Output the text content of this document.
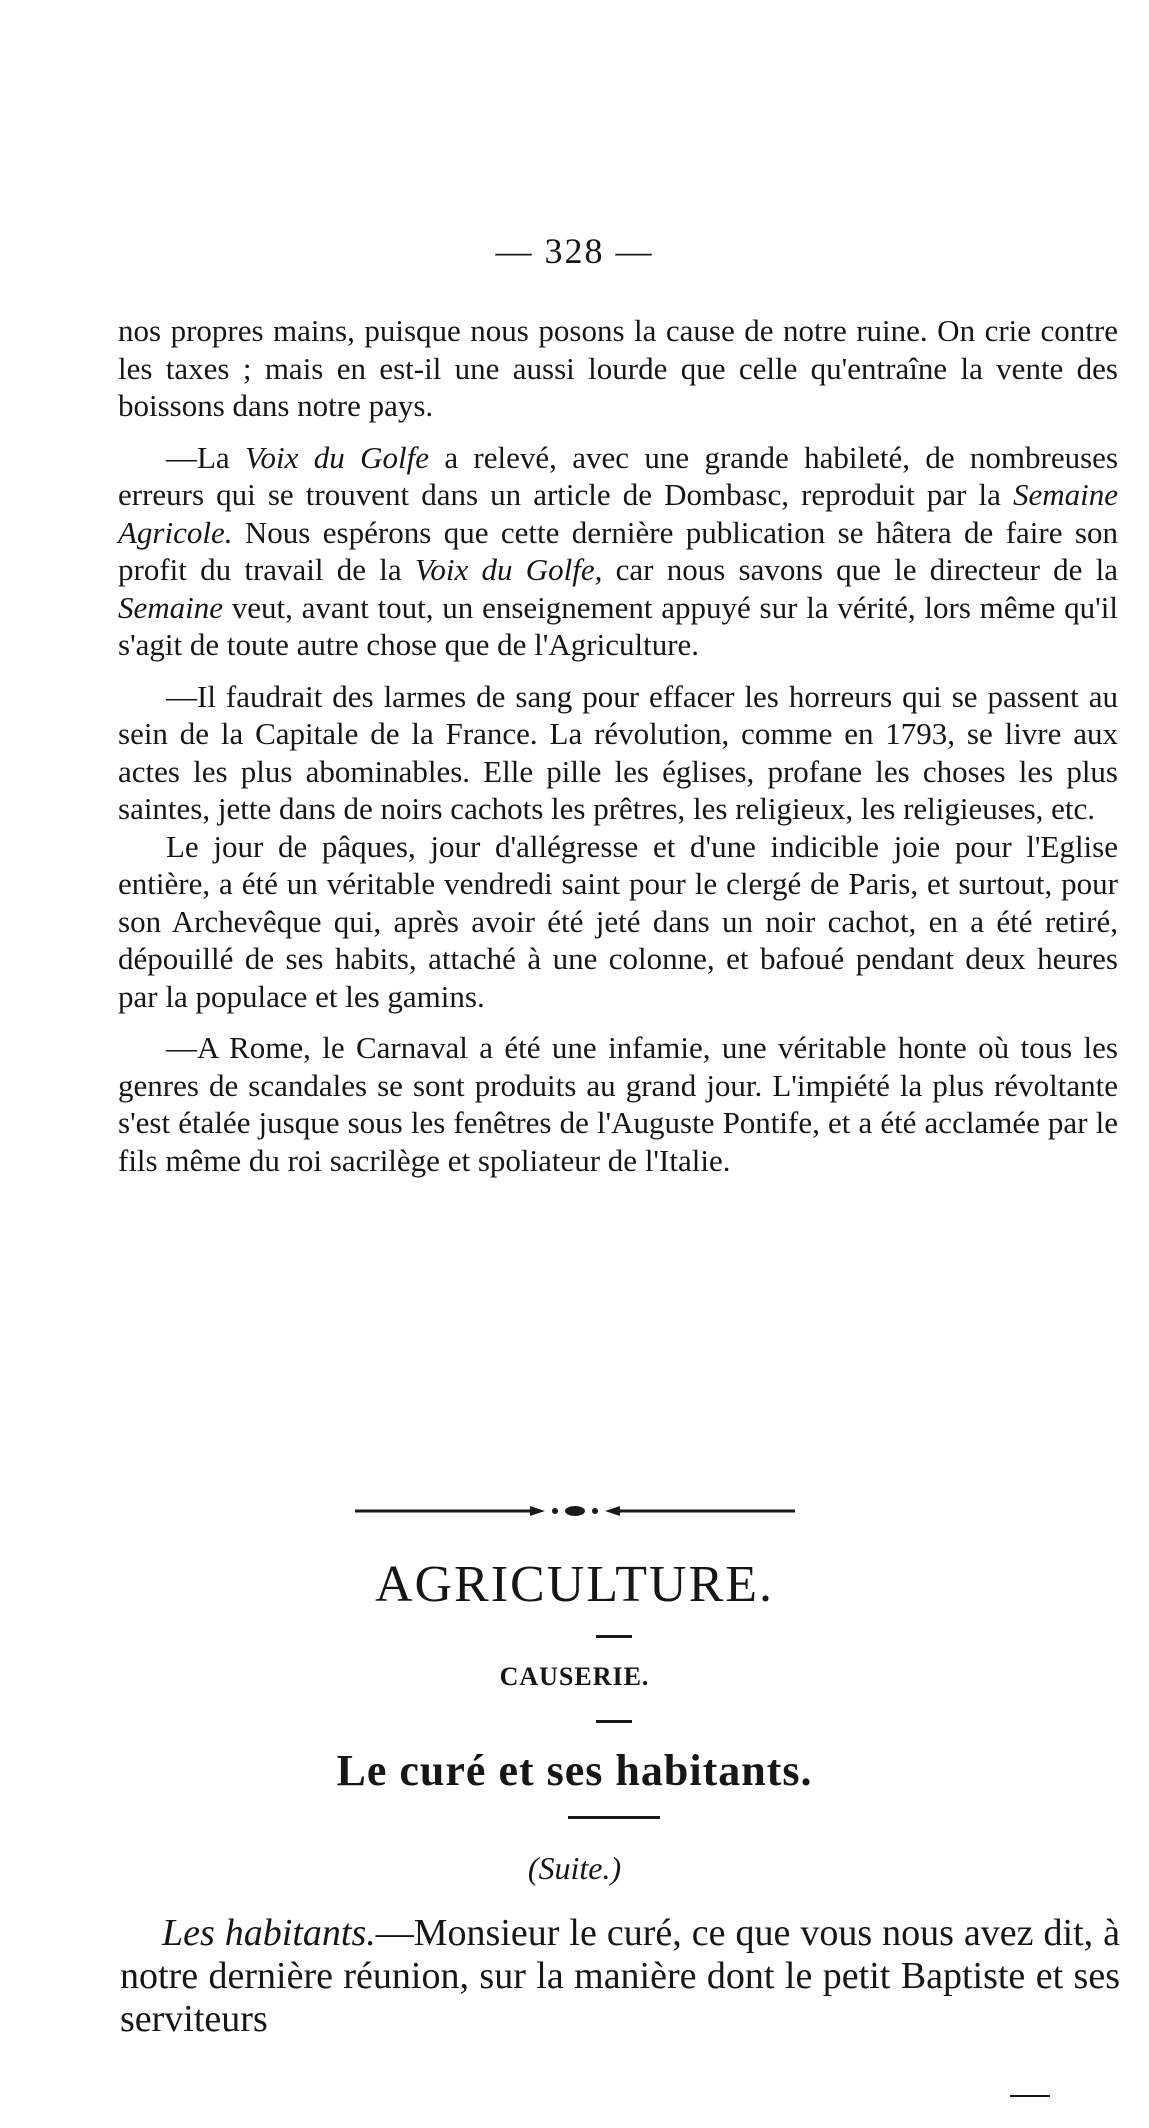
— 328 —

nos propres mains, puisque nous posons la cause de notre ruine. On crie contre les taxes ; mais en est-il une aussi lourde que celle qu'entraîne la vente des boissons dans notre pays.

—La Voix du Golfe a relevé, avec une grande habileté, de nombreuses erreurs qui se trouvent dans un article de Dombasc, reproduit par la Semaine Agricole. Nous espérons que cette dernière publication se hâtera de faire son profit du travail de la Voix du Golfe, car nous savons que le directeur de la Semaine veut, avant tout, un enseignement appuyé sur la vérité, lors même qu'il s'agit de toute autre chose que de l'Agriculture.

—Il faudrait des larmes de sang pour effacer les horreurs qui se passent au sein de la Capitale de la France. La révolution, comme en 1793, se livre aux actes les plus abominables. Elle pille les églises, profane les choses les plus saintes, jette dans de noirs cachots les prêtres, les religieux, les religieuses, etc.

Le jour de pâques, jour d'allégresse et d'une indicible joie pour l'Eglise entière, a été un véritable vendredi saint pour le clergé de Paris, et surtout, pour son Archevêque qui, après avoir été jeté dans un noir cachot, en a été retiré, dépouillé de ses habits, attaché à une colonne, et bafoué pendant deux heures par la populace et les gamins.

—A Rome, le Carnaval a été une infamie, une véritable honte où tous les genres de scandales se sont produits au grand jour. L'impiété la plus révoltante s'est étalée jusque sous les fenêtres de l'Auguste Pontife, et a été acclamée par le fils même du roi sacrilège et spoliateur de l'Italie.

AGRICULTURE.
CAUSERIE.
Le curé et ses habitants.
(Suite.)

Les habitants.—Monsieur le curé, ce que vous nous avez dit, à notre dernière réunion, sur la manière dont le petit Baptiste et ses serviteurs
